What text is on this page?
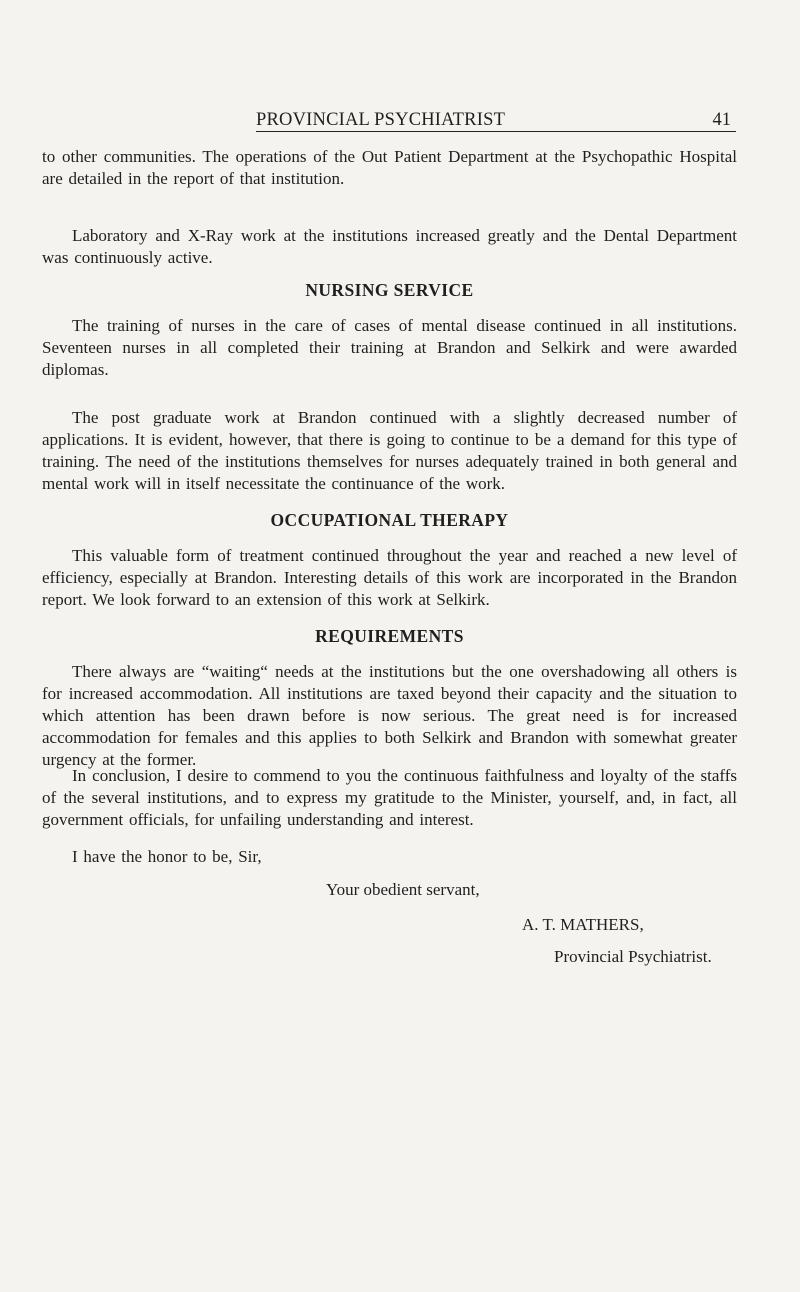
PROVINCIAL PSYCHIATRIST	41

to other communities. The operations of the Out Patient Department at the Psychopathic Hospital are detailed in the report of that institution.

Laboratory and X-Ray work at the institutions increased greatly and the Dental Department was continuously active.

NURSING SERVICE

The training of nurses in the care of cases of mental disease continued in all institutions. Seventeen nurses in all completed their training at Brandon and Selkirk and were awarded diplomas.

The post graduate work at Brandon continued with a slightly decreased number of applications. It is evident, however, that there is going to continue to be a demand for this type of training. The need of the institutions themselves for nurses adequately trained in both general and mental work will in itself necessitate the continuance of the work.

OCCUPATIONAL THERAPY

This valuable form of treatment continued throughout the year and reached a new level of efficiency, especially at Brandon. Interesting details of this work are incorporated in the Brandon report. We look forward to an extension of this work at Selkirk.

REQUIREMENTS

There always are “waiting“ needs at the institutions but the one overshadowing all others is for increased accommodation. All institutions are taxed beyond their capacity and the situation to which attention has been drawn before is now serious. The great need is for increased accommodation for females and this applies to both Selkirk and Brandon with somewhat greater urgency at the former.

In conclusion, I desire to commend to you the continuous faithfulness and loyalty of the staffs of the several institutions, and to express my gratitude to the Minister, yourself, and, in fact, all government officials, for unfailing understanding and interest.

I have the honor to be, Sir,

Your obedient servant,

A. T. MATHERS,

Provincial Psychiatrist.
